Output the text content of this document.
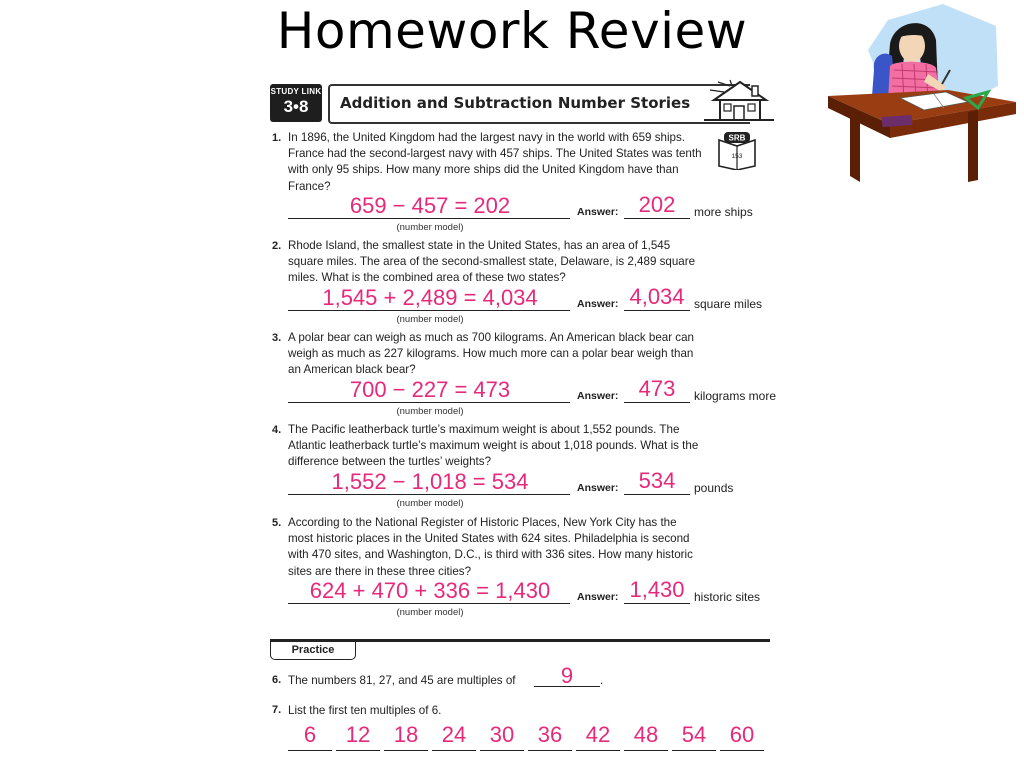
Homework Review
STUDY LINK
3•8	Addition and Subtraction Number Stories
SRB
153
1. In 1896, the United Kingdom had the largest navy in the world with 659 ships. France had the second-largest navy with 457 ships. The United States was tenth with only 95 ships. How many more ships did the United Kingdom have than France?
659 − 457 = 202
(number model)
Answer: 202	more ships
2. Rhode Island, the smallest state in the United States, has an area of 1,545 square miles. The area of the second-smallest state, Delaware, is 2,489 square miles. What is the combined area of these two states?
1,545 + 2,489 = 4,034
(number model)
Answer: 4,034 square miles
3. A polar bear can weigh as much as 700 kilograms. An American black bear can weigh as much as 227 kilograms. How much more can a polar bear weigh than an American black bear?
700 − 227 = 473
(number model)
Answer: 473	kilograms more
4. The Pacific leatherback turtle’s maximum weight is about 1,552 pounds. The Atlantic leatherback turtle’s maximum weight is about 1,018 pounds. What is the difference between the turtles’ weights?
1,552 − 1,018 = 534
(number model)
Answer: 534	pounds
5. According to the National Register of Historic Places, New York City has the most historic places in the United States with 624 sites. Philadelphia is second with 470 sites, and Washington, D.C., is third with 336 sites. How many historic sites are there in these three cities?
624 + 470 + 336 = 1,430
(number model)
Answer: 1,430 historic sites
Practice
6. The numbers 81, 27, and 45 are multiples of	9	.
7. List the first ten multiples of 6.
6	12	18	24	30	36	42	48	54	60
